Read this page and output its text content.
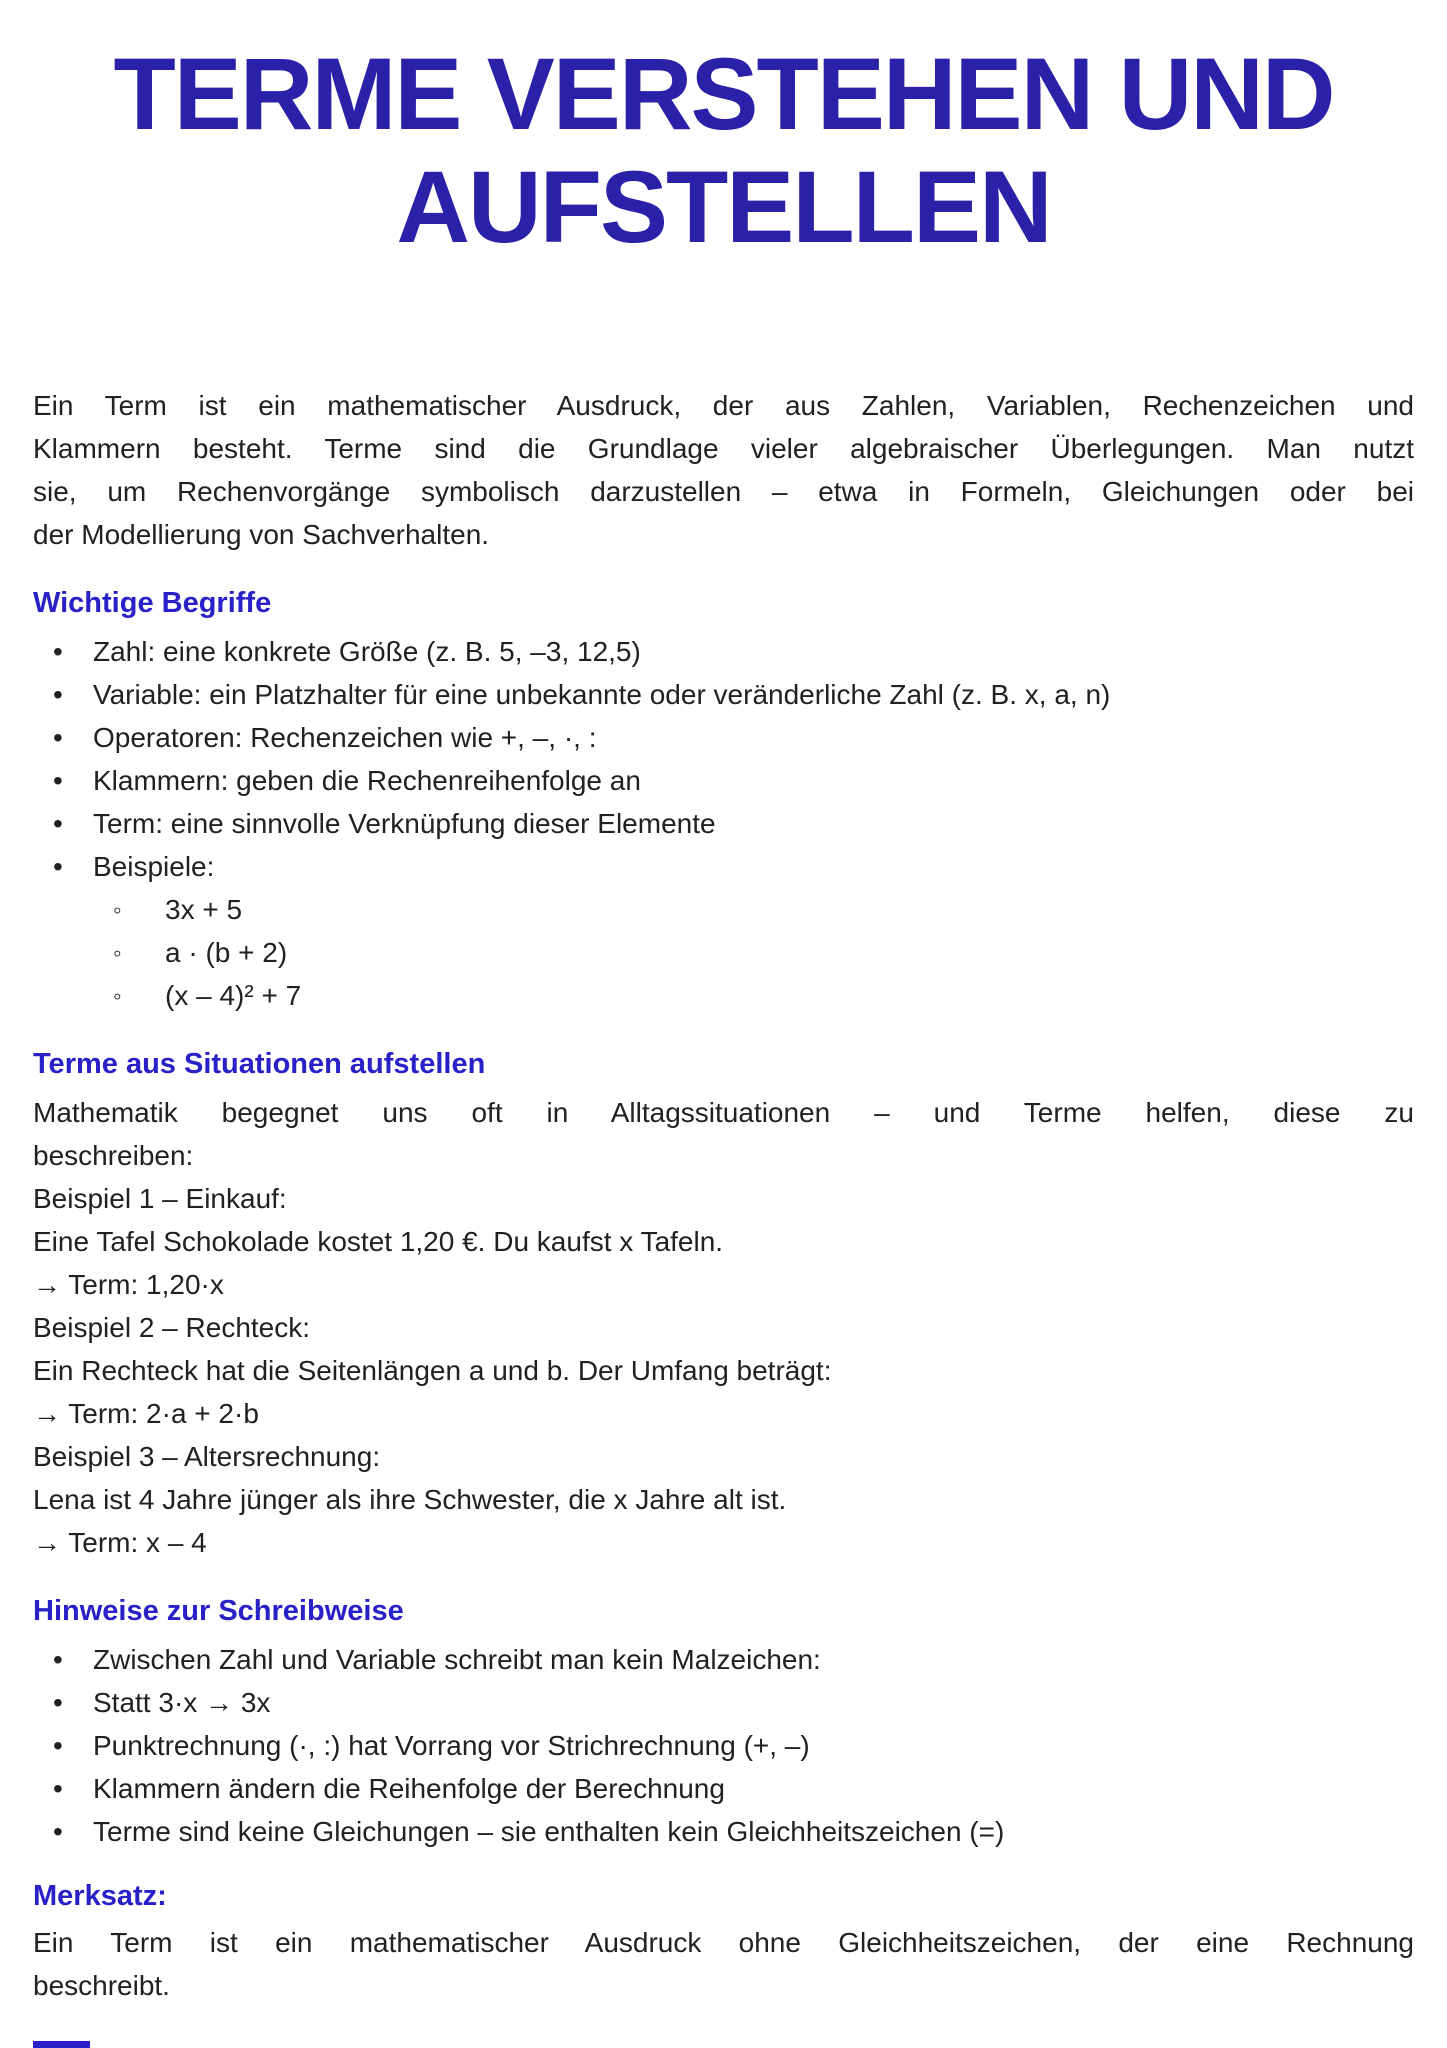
TERME VERSTEHEN UND
AUFSTELLEN

Ein Term ist ein mathematischer Ausdruck, der aus Zahlen, Variablen, Rechenzeichen und
Klammern besteht. Terme sind die Grundlage vieler algebraischer Überlegungen. Man nutzt
sie, um Rechenvorgänge symbolisch darzustellen – etwa in Formeln, Gleichungen oder bei
der Modellierung von Sachverhalten.

Wichtige Begriffe
• Zahl: eine konkrete Größe (z. B. 5, –3, 12,5)
• Variable: ein Platzhalter für eine unbekannte oder veränderliche Zahl (z. B. x, a, n)
• Operatoren: Rechenzeichen wie +, –, ·, :
• Klammern: geben die Rechenreihenfolge an
• Term: eine sinnvolle Verknüpfung dieser Elemente
• Beispiele:
◦ 3x + 5
◦ a · (b + 2)
◦ (x – 4)² + 7
Terme aus Situationen aufstellen

Mathematik begegnet uns oft in Alltagssituationen – und Terme helfen, diese zu
beschreiben:
Beispiel 1 – Einkauf:
Eine Tafel Schokolade kostet 1,20 €. Du kaufst x Tafeln.
→ Term: 1,20·x
Beispiel 2 – Rechteck:
Ein Rechteck hat die Seitenlängen a und b. Der Umfang beträgt:
→ Term: 2·a + 2·b
Beispiel 3 – Altersrechnung:
Lena ist 4 Jahre jünger als ihre Schwester, die x Jahre alt ist.
→ Term: x – 4

Hinweise zur Schreibweise
• Zwischen Zahl und Variable schreibt man kein Malzeichen:
• Statt 3·x → 3x
• Punktrechnung (·, :) hat Vorrang vor Strichrechnung (+, –)
• Klammern ändern die Reihenfolge der Berechnung
• Terme sind keine Gleichungen – sie enthalten kein Gleichheitszeichen (=)
Merksatz:

Ein Term ist ein mathematischer Ausdruck ohne Gleichheitszeichen, der eine Rechnung
beschreibt.
